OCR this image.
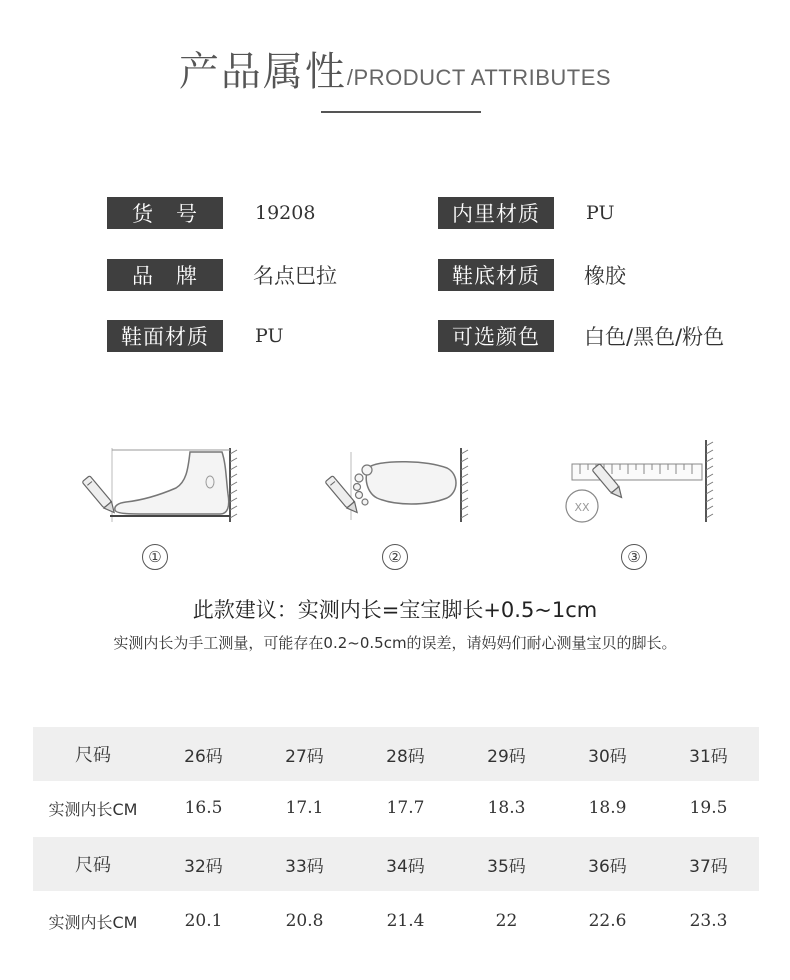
产品属性/PRODUCT ATTRIBUTES
货　号	19208	内里材质	PU
品　牌	名点巴拉	鞋底材质	橡胶
鞋面材质	PU	可选颜色	白色/黑色/粉色
XX
①	②	③
此款建议：实测内长=宝宝脚长+0.5~1cm
实测内长为手工测量，可能存在0.2~0.5cm的误差，请妈妈们耐心测量宝贝的脚长。
尺码	26码	27码	28码	29码	30码	31码
实测内长CM	16.5	17.1	17.7	18.3	18.9	19.5
尺码	32码	33码	34码	35码	36码	37码
实测内长CM	20.1	20.8	21.4	22	22.6	23.3
